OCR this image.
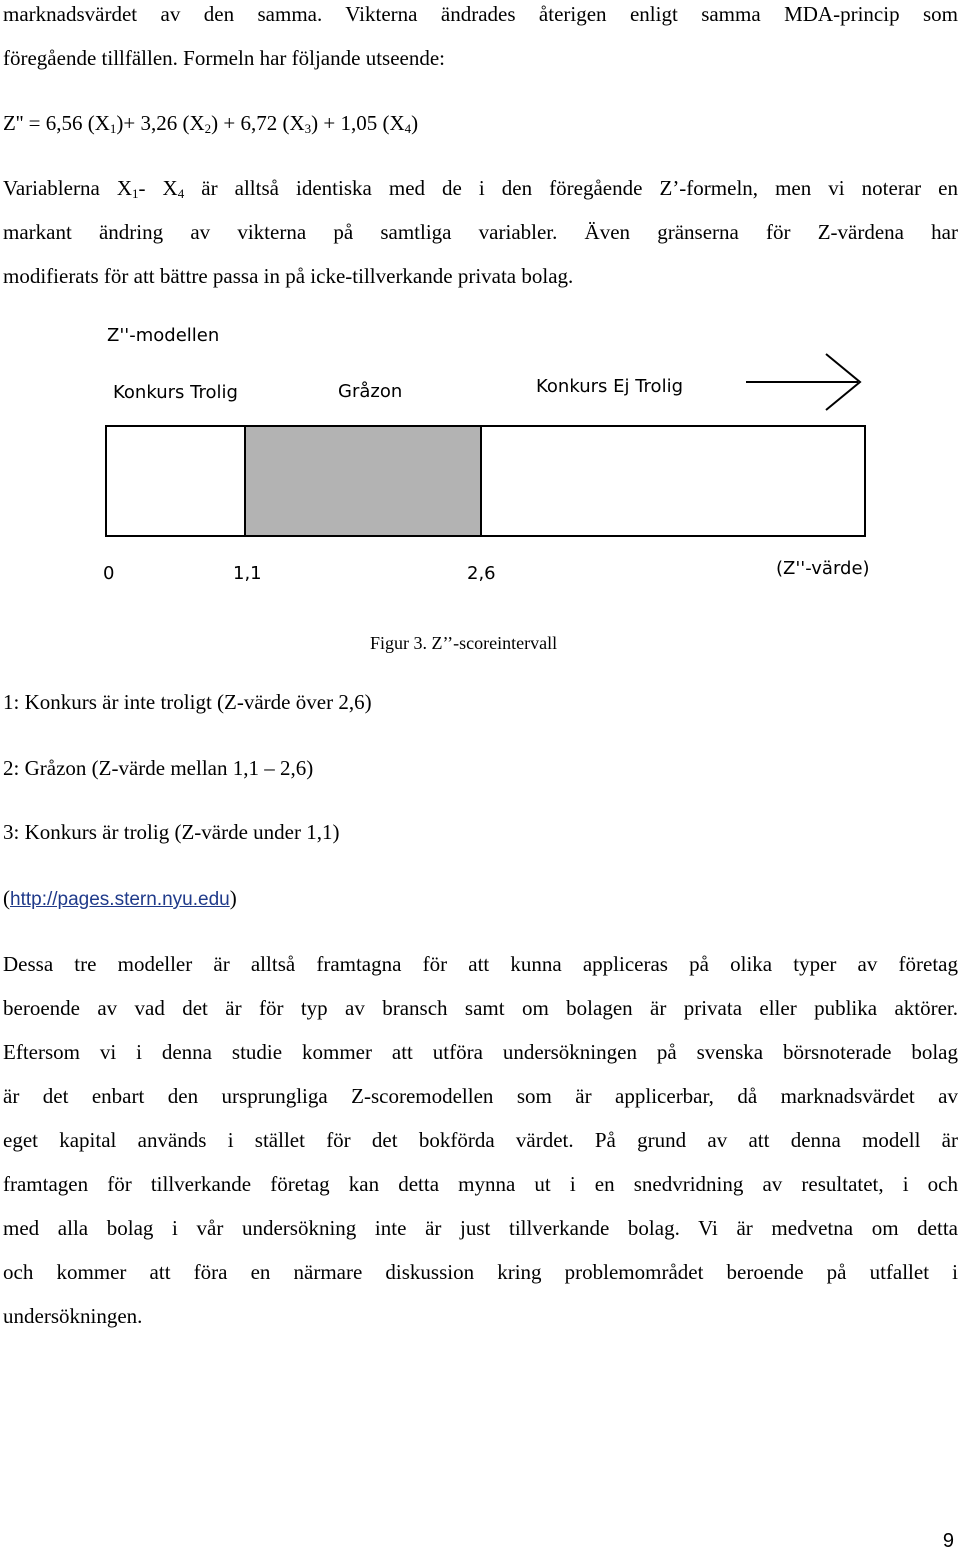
marknadsvärdet av den samma. Vikterna ändrades återigen enligt samma MDA-princip som
föregående tillfällen. Formeln har följande utseende:
Z'' = 6,56 $(X_1)+ 3,26$ $(X_2) + 6,72$ $(X_3) + 1,05$ $(X_4)$
Variablerna $X_1-$ $X_4$ är alltså identiska med de i den föregående Z’-formeln, men vi noterar en
markant ändring av vikterna på samtliga variabler. Även gränserna för Z-värdena har
modifierats för att bättre passa in på icke-tillverkande privata bolag.
Z''-modellen
Konkurs Trolig	Gråzon	Konkurs Ej Trolig
0	1,1	2,6	(Z''-värde)
Figur 3. Z’’-scoreintervall
1: Konkurs är inte troligt (Z-värde över 2,6)
2: Gråzon (Z-värde mellan 1,1 – 2,6)
3: Konkurs är trolig (Z-värde under 1,1)
(http://pages.stern.nyu.edu)
Dessa tre modeller är alltså framtagna för att kunna appliceras på olika typer av företag
beroende av vad det är för typ av bransch samt om bolagen är privata eller publika aktörer.
Eftersom vi i denna studie kommer att utföra undersökningen på svenska börsnoterade bolag
är det enbart den ursprungliga Z-scoremodellen som är applicerbar, då marknadsvärdet av
eget kapital används i stället för det bokförda värdet. På grund av att denna modell är
framtagen för tillverkande företag kan detta mynna ut i en snedvridning av resultatet, i och
med alla bolag i vår undersökning inte är just tillverkande bolag. Vi är medvetna om detta
och kommer att föra en närmare diskussion kring problemområdet beroende på utfallet i
undersökningen.
9
